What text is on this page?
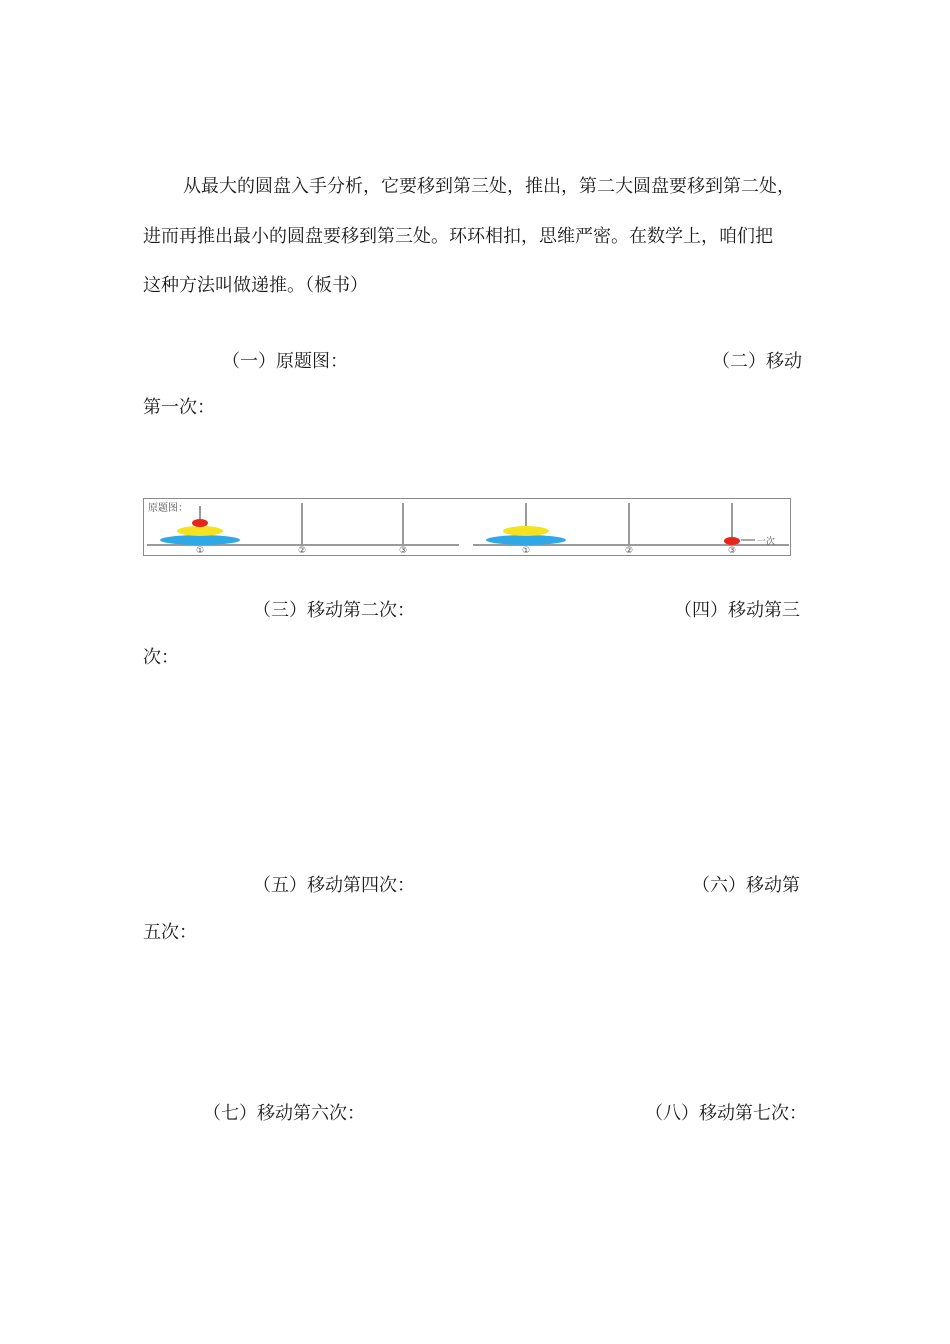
从最大的圆盘入手分析，它要移到第三处，推出，第二大圆盘要移到第二处，
进而再推出最小的圆盘要移到第三处。环环相扣，思维严密。在数学上，咱们把
这种方法叫做递推。（板书）
（一）原题图：	（二）移动
第一次：
原题图：
①	②	③
一次
①	②	③
（三）移动第二次：	（四）移动第三
次：
（五）移动第四次：	（六）移动第
五次：
（七）移动第六次：	（八）移动第七次：
